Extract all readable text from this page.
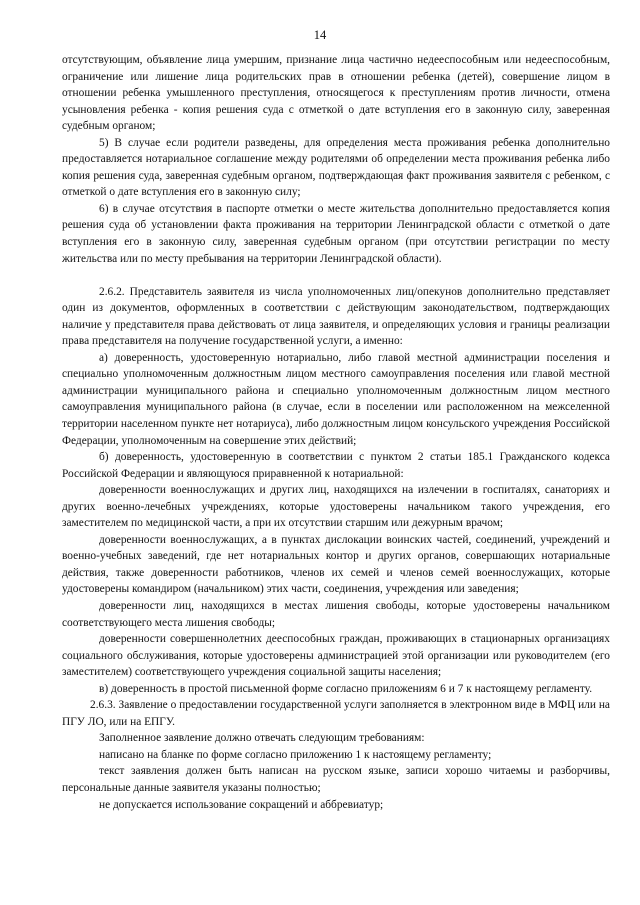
14

отсутствующим, объявление лица умершим, признание лица частично недееспособным или недееспособным, ограничение или лишение лица родительских прав в отношении ребенка (детей), совершение лицом в отношении ребенка умышленного преступления, относящегося к преступлениям против личности, отмена усыновления ребенка - копия решения суда с отметкой о дате вступления его в законную силу, заверенная судебным органом;

5) В случае если родители разведены, для определения места проживания ребенка дополнительно предоставляется нотариальное соглашение между родителями об определении места проживания ребенка либо копия решения суда, заверенная судебным органом, подтверждающая факт проживания заявителя с ребенком, с отметкой о дате вступления его в законную силу;

6) в случае отсутствия в паспорте отметки о месте жительства дополнительно предоставляется копия решения суда об установлении факта проживания на территории Ленинградской области с отметкой о дате вступления его в законную силу, заверенная судебным органом (при отсутствии регистрации по месту жительства или по месту пребывания на территории Ленинградской области).

2.6.2. Представитель заявителя из числа уполномоченных лиц/опекунов дополнительно представляет один из документов, оформленных в соответствии с действующим законодательством, подтверждающих наличие у представителя права действовать от лица заявителя, и определяющих условия и границы реализации права представителя на получение государственной услуги, а именно:

а) доверенность, удостоверенную нотариально, либо главой местной администрации поселения и специально уполномоченным должностным лицом местного самоуправления поселения или главой местной администрации муниципального района и специально уполномоченным должностным лицом местного самоуправления муниципального района (в случае, если в поселении или расположенном на межселенной территории населенном пункте нет нотариуса), либо должностным лицом консульского учреждения Российской Федерации, уполномоченным на совершение этих действий;

б) доверенность, удостоверенную в соответствии с пунктом 2 статьи 185.1 Гражданского кодекса Российской Федерации и являющуюся приравненной к нотариальной:

доверенности военнослужащих и других лиц, находящихся на излечении в госпиталях, санаториях и других военно-лечебных учреждениях, которые удостоверены начальником такого учреждения, его заместителем по медицинской части, а при их отсутствии старшим или дежурным врачом;

доверенности военнослужащих, а в пунктах дислокации воинских частей, соединений, учреждений и военно-учебных заведений, где нет нотариальных контор и других органов, совершающих нотариальные действия, также доверенности работников, членов их семей и членов семей военнослужащих, которые удостоверены командиром (начальником) этих части, соединения, учреждения или заведения;

доверенности лиц, находящихся в местах лишения свободы, которые удостоверены начальником соответствующего места лишения свободы;

доверенности совершеннолетних дееспособных граждан, проживающих в стационарных организациях социального обслуживания, которые удостоверены администрацией этой организации или руководителем (его заместителем) соответствующего учреждения социальной защиты населения;

в) доверенность в простой письменной форме согласно приложениям 6 и 7 к настоящему регламенту.

2.6.3. Заявление о предоставлении государственной услуги заполняется в электронном виде в МФЦ или на ПГУ ЛО, или на ЕПГУ.

Заполненное заявление должно отвечать следующим требованиям:

написано на бланке по форме согласно приложению 1 к настоящему регламенту;

текст заявления должен быть написан на русском языке, записи хорошо читаемы и разборчивы, персональные данные заявителя указаны полностью;

не допускается использование сокращений и аббревиатур;
